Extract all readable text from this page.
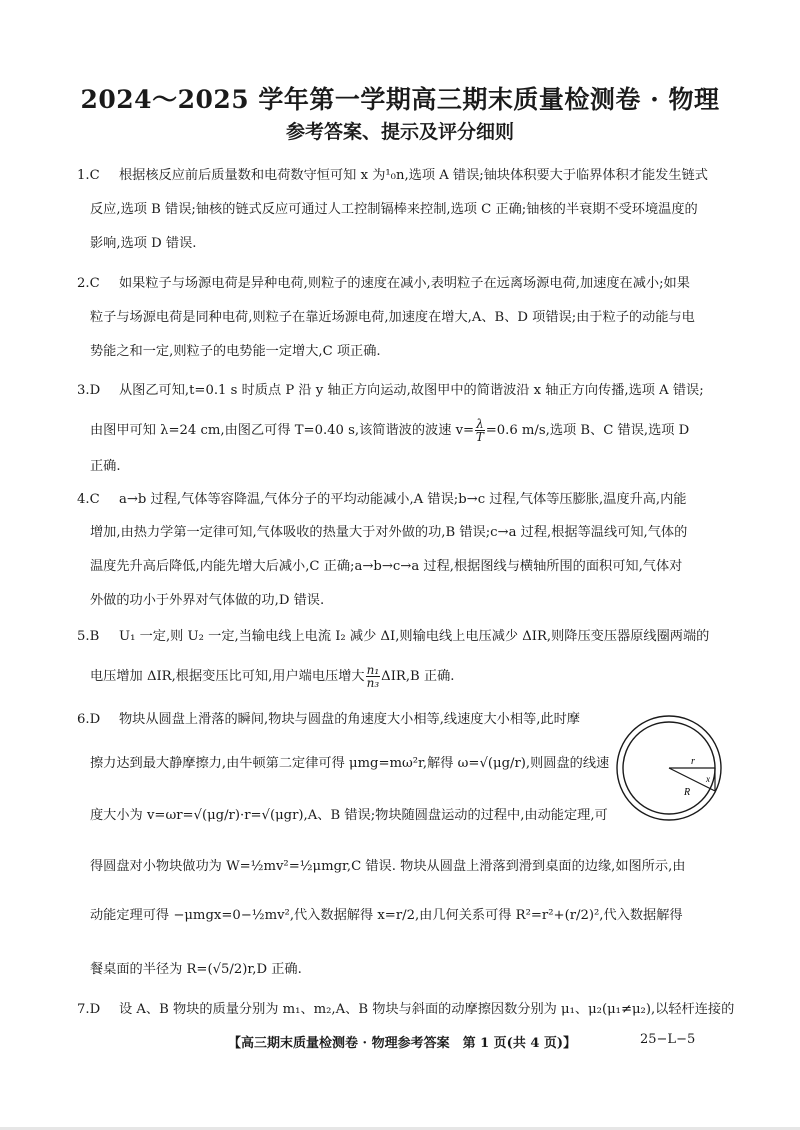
2024～2025 学年第一学期高三期末质量检测卷 · 物理
参考答案、提示及评分细则
1.C 根据核反应前后质量数和电荷数守恒可知 x 为¹₀n,选项 A 错误;铀块体积要大于临界体积才能发生链式
反应,选项 B 错误;铀核的链式反应可通过人工控制镉棒来控制,选项 C 正确;铀核的半衰期不受环境温度的
影响,选项 D 错误.
2.C 如果粒子与场源电荷是异种电荷,则粒子的速度在减小,表明粒子在远离场源电荷,加速度在减小;如果
粒子与场源电荷是同种电荷,则粒子在靠近场源电荷,加速度在增大,A、B、D 项错误;由于粒子的动能与电
势能之和一定,则粒子的电势能一定增大,C 项正确.
3.D 从图乙可知,t=0.1 s 时质点 P 沿 y 轴正方向运动,故图甲中的简谐波沿 x 轴正方向传播,选项 A 错误;
由图甲可知 λ=24 cm,由图乙可得 T=0.40 s,该简谐波的波速 $v= \frac{\lambda}{T} =0.6$ m/s,选项 B、C 错误,选项 D
正确.
4.C a→b 过程,气体等容降温,气体分子的平均动能减小,A 错误;b→c 过程,气体等压膨胀,温度升高,内能
增加,由热力学第一定律可知,气体吸收的热量大于对外做的功,B 错误;c→a 过程,根据等温线可知,气体的
温度先升高后降低,内能先增大后减小,C 正确;a→b→c→a 过程,根据图线与横轴所围的面积可知,气体对
外做的功小于外界对气体做的功,D 错误.
5.B U₁ 一定,则 U₂ 一定,当输电线上电流 I₂ 减少 ΔI,则输电线上电压减少 ΔIR,则降压变压器原线圈两端的
电压增加 ΔIR,根据变压比可知,用户端电压增大 $\frac{\text{n₁}}{\text{n₃}} \Delta IR,B$ 正确.
6.D 物块从圆盘上滑落的瞬间,物块与圆盘的角速度大小相等,线速度大小相等,此时摩
擦力达到最大静摩擦力,由牛顿第二定律可得 μmg=mω²r,解得 ω=√(μg/r),则圆盘的线速
度大小为 v=ωr=√(μg/r)·r=√(μgr),A、B 错误;物块随圆盘运动的过程中,由动能定理,可
得圆盘对小物块做功为 W=½mv²=½μmgr,C 错误. 物块从圆盘上滑落到滑到桌面的边缘,如图所示,由
动能定理可得 −μmgx=0−½mv²,代入数据解得 x=r/2,由几何关系可得 R²=r²+(r/2)²,代入数据解得
餐桌面的半径为 R=(√5/2)r,D 正确.
r
R
x
7.D 设 A、B 物块的质量分别为 m₁、m₂,A、B 物块与斜面的动摩擦因数分别为 μ₁、μ₂(μ₁≠μ₂),以轻杆连接的
【高三期末质量检测卷 · 物理参考答案　第 1 页(共 4 页)】	25−L−5
